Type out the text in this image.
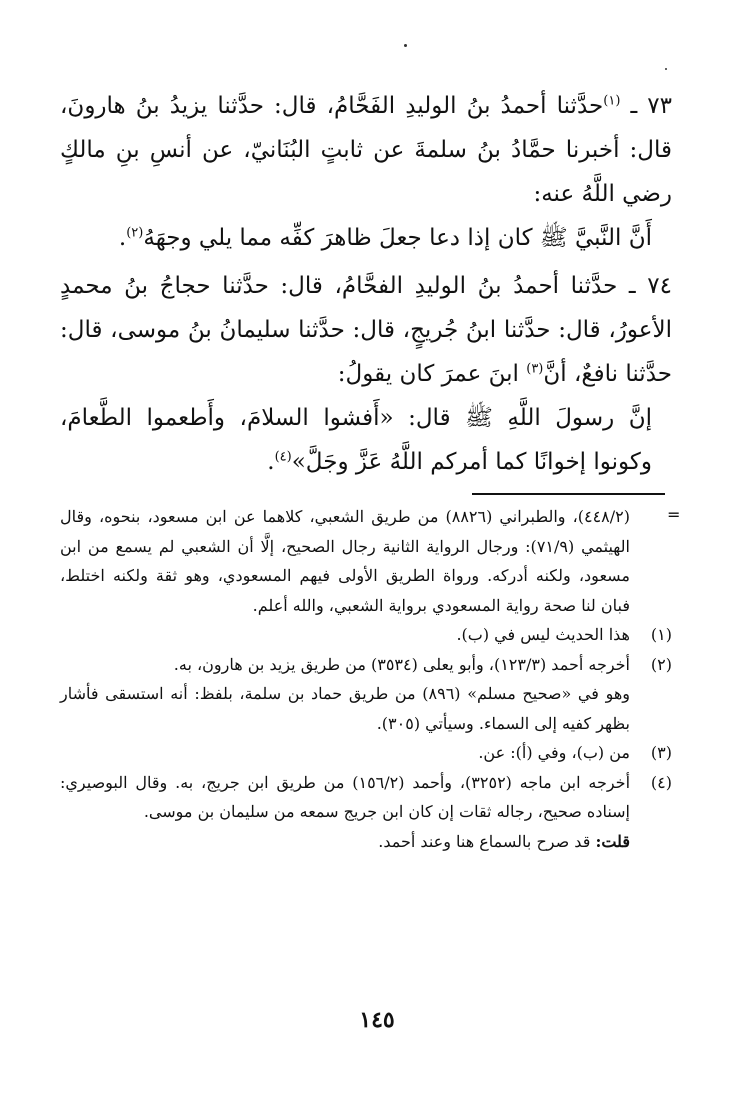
٧٣ ـ $^{(١)}$حدَّثنا أحمدُ بنُ الوليدِ الفَحَّامُ، قال: حدَّثنا يزيدُ بنُ هارونَ، قال: أخبرنا حمَّادُ بنُ سلمةَ عن ثابتٍ البُنَانيّ، عن أنسِ بنِ مالكٍ رضي اللَّهُ عنه:

أَنَّ النَّبيَّ ﷺ كان إذا دعا جعلَ ظاهرَ كفِّه مما يلي وجهَهُ$^{(٢)}$.

٧٤ ـ حدَّثنا أحمدُ بنُ الوليدِ الفحَّامُ، قال: حدَّثنا حجاجُ بنُ محمدٍ الأعورُ، قال: حدَّثنا ابنُ جُريجٍ، قال: حدَّثنا سليمانُ بنُ موسى، قال: حدَّثنا نافعٌ، أنَّ$^{(٣)}$ ابنَ عمرَ كان يقولُ:

إنَّ رسولَ اللَّهِ ﷺ قال: «أَفشوا السلامَ، وأَطعموا الطَّعامَ، وكونوا إخوانًا كما أمركم اللَّهُ عَزَّ وجَلَّ»$^{(٤)}$.

=
(٤٤٨/٢)، والطبراني (٨٨٢٦) من طريق الشعبي، كلاهما عن ابن مسعود، بنحوه، وقال الهيثمي (٧١/٩): ورجال الرواية الثانية رجال الصحيح، إلَّا أن الشعبي لم يسمع من ابن مسعود، ولكنه أدركه. ورواة الطريق الأولى فيهم المسعودي، وهو ثقة ولكنه اختلط، فبان لنا صحة رواية المسعودي برواية الشعبي، والله أعلم.
(١)
هذا الحديث ليس في (ب).
(٢)

أخرجه أحمد (١٢٣/٣)، وأبو يعلى (٣٥٣٤) من طريق يزيد بن هارون، به.

وهو في «صحيح مسلم» (٨٩٦) من طريق حماد بن سلمة، بلفظ: أنه استسقى فأشار بظهر كفيه إلى السماء. وسيأتي (٣٠٥).

(٣)
من (ب)، وفي (أ): عن.
(٤)

أخرجه ابن ماجه (٣٢٥٢)، وأحمد (١٥٦/٢) من طريق ابن جريج، به. وقال البوصيري: إسناده صحيح، رجاله ثقات إن كان ابن جريج سمعه من سليمان بن موسى.

قلت: قد صرح بالسماع هنا وعند أحمد.

١٤٥
